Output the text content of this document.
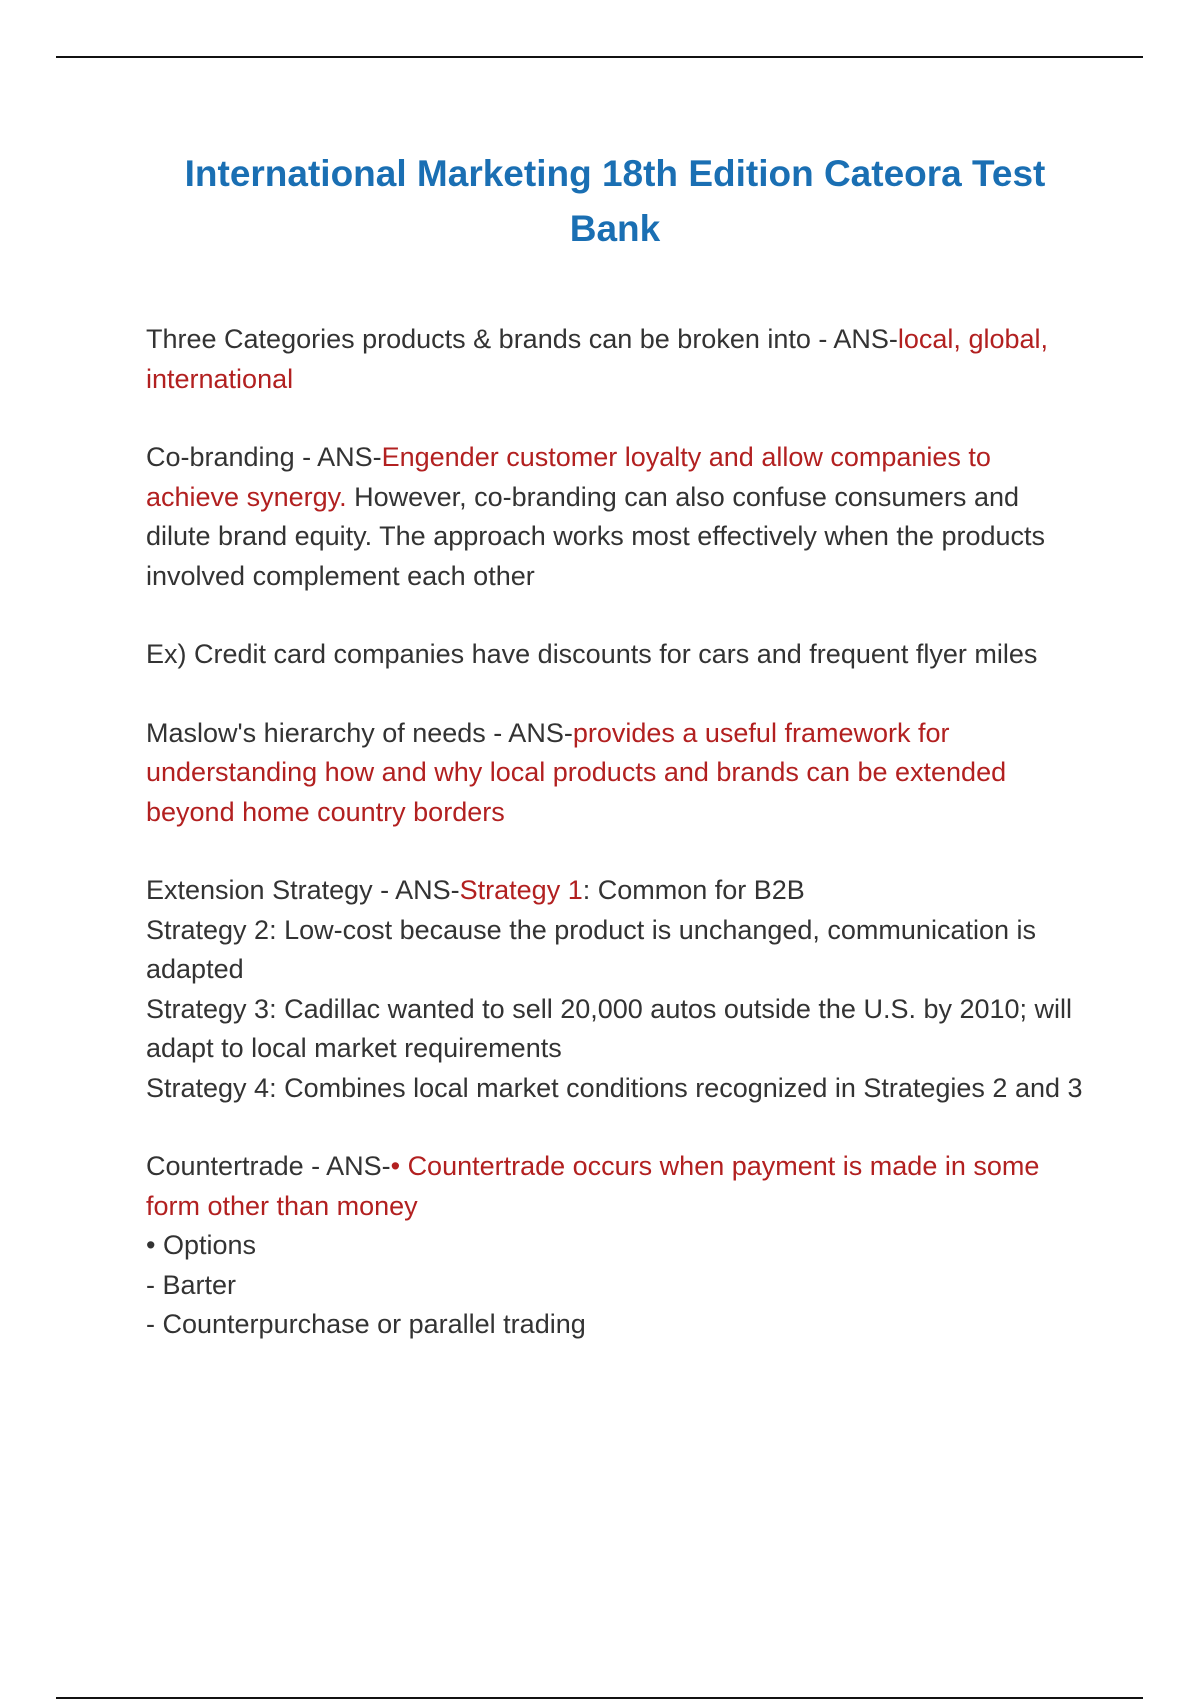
International Marketing 18th Edition Cateora Test Bank

Three Categories products & brands can be broken into - ANS-local, global, international

Co-branding - ANS-Engender customer loyalty and allow companies to achieve synergy. However, co-branding can also confuse consumers and dilute brand equity. The approach works most effectively when the products involved complement each other

Ex) Credit card companies have discounts for cars and frequent flyer miles

Maslow's hierarchy of needs - ANS-provides a useful framework for understanding how and why local products and brands can be extended beyond home country borders

Extension Strategy - ANS-Strategy 1: Common for B2B
Strategy 2: Low-cost because the product is unchanged, communication is adapted
Strategy 3: Cadillac wanted to sell 20,000 autos outside the U.S. by 2010; will adapt to local market requirements
Strategy 4: Combines local market conditions recognized in Strategies 2 and 3

Countertrade - ANS-• Countertrade occurs when payment is made in some form other than money
• Options
- Barter
- Counterpurchase or parallel trading
